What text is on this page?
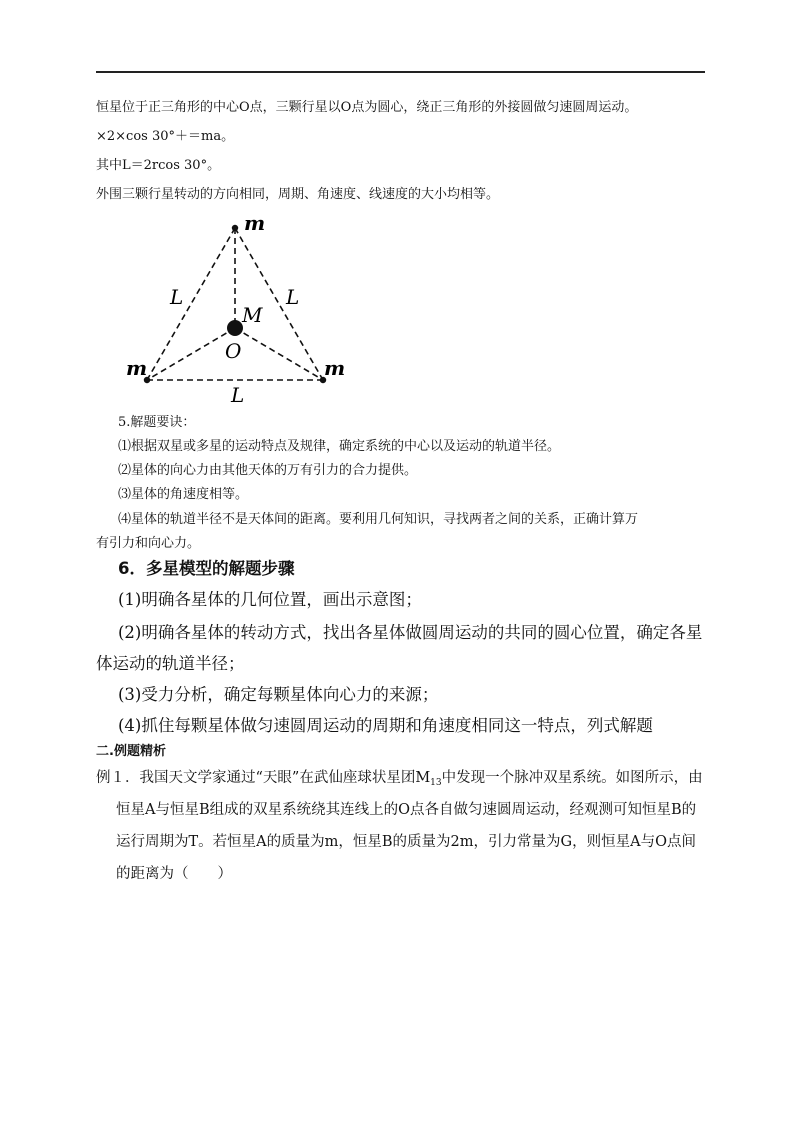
恒星位于正三角形的中心O点，三颗行星以O点为圆心，绕正三角形的外接圆做匀速圆周运动。
×2×cos 30°＋＝ma。
其中L＝2rcos 30°。
外围三颗行星转动的方向相同，周期、角速度、线速度的大小均相等。
m
m	m
M
O
L	L
L
5.解题要诀：
⑴根据双星或多星的运动特点及规律，确定系统的中心以及运动的轨道半径。
⑵星体的向心力由其他天体的万有引力的合力提供。
⑶星体的角速度相等。
⑷星体的轨道半径不是天体间的距离。要利用几何知识，寻找两者之间的关系，正确计算万
有引力和向心力。
6．多星模型的解题步骤
(1)明确各星体的几何位置，画出示意图；
(2)明确各星体的转动方式，找出各星体做圆周运动的共同的圆心位置，确定各星
体运动的轨道半径；
(3)受力分析，确定每颗星体向心力的来源；
(4)抓住每颗星体做匀速圆周运动的周期和角速度相同这一特点，列式解题
二.例题精析
例１．我国天文学家通过“天眼”在武仙座球状星团$M_{13}$中发现一个脉冲双星系统。如图所示，由
恒星A与恒星B组成的双星系统绕其连线上的O点各自做匀速圆周运动，经观测可知恒星B的
运行周期为T。若恒星A的质量为m，恒星B的质量为2m，引力常量为G，则恒星A与O点间
的距离为（　　）
